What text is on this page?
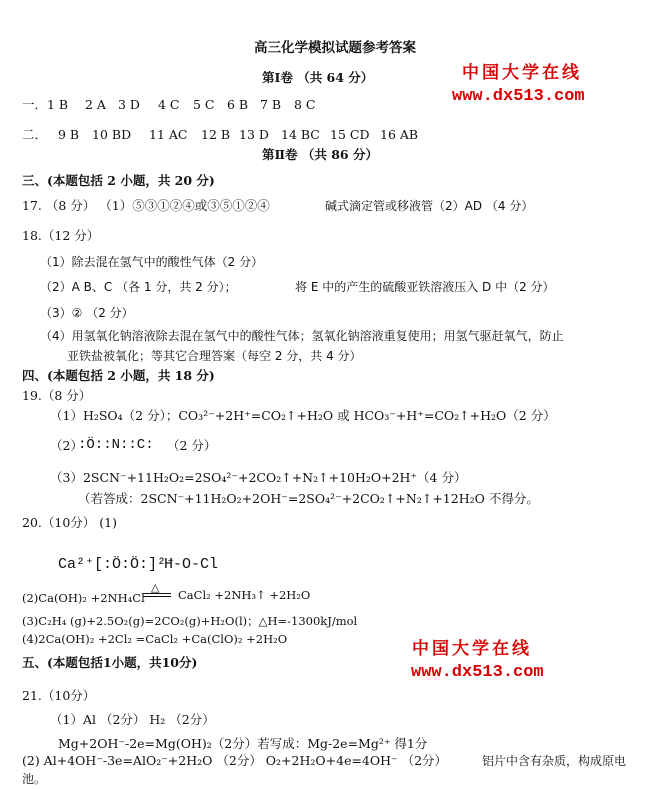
高三化学模拟试题参考答案
第Ⅰ卷 （共 64 分）	中国大学在线
www.dx513.com
一．1 B 2 A 3 D 4 C 5 C 6 B 7 B 8 C
二． 9 B 10 BD 11 AC 12 B 13 D 14 BC 15 CD 16 AB
第Ⅱ卷 （共 86 分）
三、(本题包括 2 小题，共 20 分)
17. （8 分） （1）⑤③①②④或③⑤①②④	碱式滴定管或移液管（2）AD （4 分）
18.（12 分）
（1）除去混在氢气中的酸性气体（2 分）
（2）A B、C （各 1 分，共 2 分）；	将 E 中的产生的硫酸亚铁溶液压入 D 中（2 分）
（3）② （2 分）
（4）用氢氧化钠溶液除去混在氢气中的酸性气体；氢氧化钠溶液重复使用；用氢气驱赶氧气，防止
亚铁盐被氧化；等其它合理答案（每空 2 分，共 4 分）
四、(本题包括 2 小题，共 18 分)
19.（8 分）
（1）H₂SO₄（2 分）；CO₃²⁻+2H⁺=CO₂↑+H₂O 或 HCO₃⁻+H⁺=CO₂↑+H₂O（2 分）
（2）
:Ö::N::C: （2 分）
（3）2SCN⁻+11H₂O₂=2SO₄²⁻+2CO₂↑+N₂↑+10H₂O+2H⁺（4 分）
（若答成：2SCN⁻+11H₂O₂+2OH⁻=2SO₄²⁻+2CO₂↑+N₂↑+12H₂O 不得分。
20.（10分） (1)
Ca²⁺[:Ö:Ö:]²⁻
H-O-Cl
(2)Ca(OH)₂ +2NH₄Cl
△
CaCl₂ +2NH₃↑ +2H₂O
(3)C₂H₄ (g)+2.5O₂(g)=2CO₂(g)+H₂O(l)；△H=-1300kJ/mol
(4)2Ca(OH)₂ +2Cl₂ =CaCl₂ +Ca(ClO)₂ +2H₂O	中国大学在线
www.dx513.com
五、(本题包括1小题，共10分)
21.（10分）
（1）Al （2分） H₂ （2分）
Mg+2OH⁻-2e=Mg(OH)₂（2分）若写成：Mg-2e=Mg²⁺ 得1分
(2) Al+4OH⁻-3e=AlO₂⁻+2H₂O （2分） O₂+2H₂O+4e=4OH⁻ （2分）	铝片中含有杂质，构成原电
池。
